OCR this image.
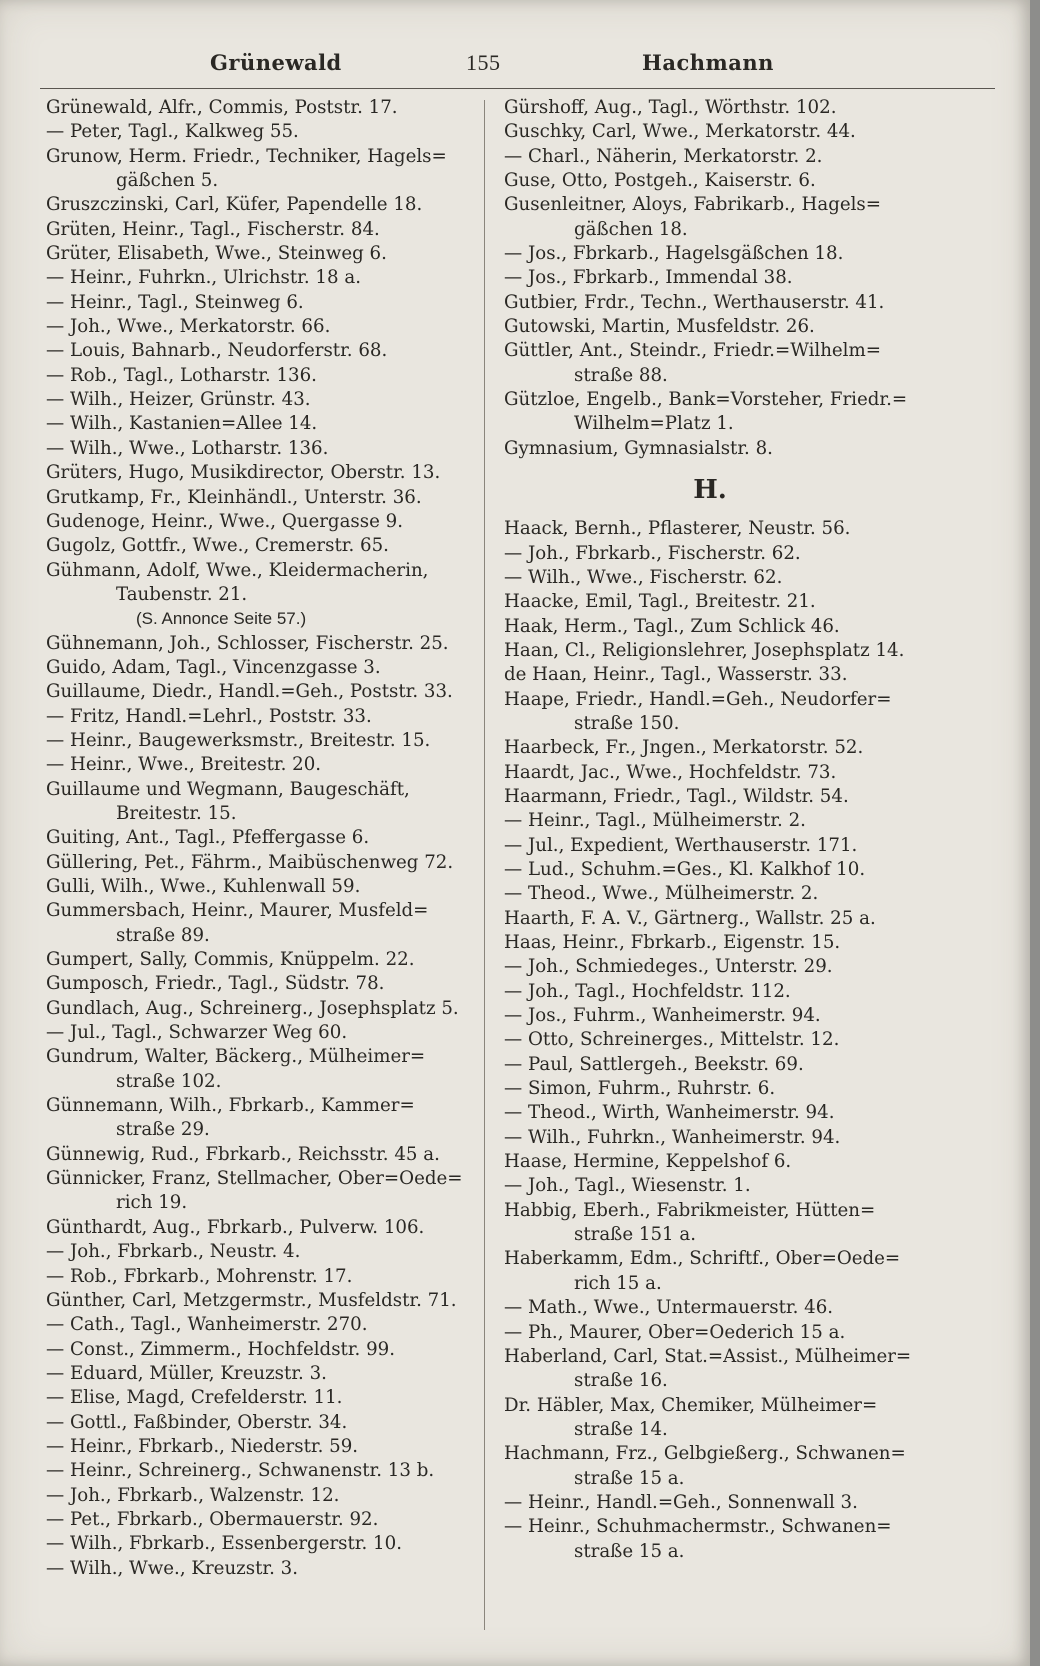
Grünewald	155	Hachmann
Grünewald, Alfr., Commis, Poststr. 17.
— Peter, Tagl., Kalkweg 55.
Grunow, Herm. Friedr., Techniker, Hagels=
gäßchen 5.
Gruszczinski, Carl, Küfer, Papendelle 18.
Grüten, Heinr., Tagl., Fischerstr. 84.
Grüter, Elisabeth, Wwe., Steinweg 6.
— Heinr., Fuhrkn., Ulrichstr. 18 a.
— Heinr., Tagl., Steinweg 6.
— Joh., Wwe., Merkatorstr. 66.
— Louis, Bahnarb., Neudorferstr. 68.
— Rob., Tagl., Lotharstr. 136.
— Wilh., Heizer, Grünstr. 43.
— Wilh., Kastanien=Allee 14.
— Wilh., Wwe., Lotharstr. 136.
Grüters, Hugo, Musikdirector, Oberstr. 13.
Grutkamp, Fr., Kleinhändl., Unterstr. 36.
Gudenoge, Heinr., Wwe., Quergasse 9.
Gugolz, Gottfr., Wwe., Cremerstr. 65.
Gühmann, Adolf, Wwe., Kleidermacherin,
Taubenstr. 21.
(S. Annonce Seite 57.)
Gühnemann, Joh., Schlosser, Fischerstr. 25.
Guido, Adam, Tagl., Vincenzgasse 3.
Guillaume, Diedr., Handl.=Geh., Poststr. 33.
— Fritz, Handl.=Lehrl., Poststr. 33.
— Heinr., Baugewerksmstr., Breitestr. 15.
— Heinr., Wwe., Breitestr. 20.
Guillaume und Wegmann, Baugeschäft,
Breitestr. 15.
Guiting, Ant., Tagl., Pfeffergasse 6.
Güllering, Pet., Fährm., Maibüschenweg 72.
Gulli, Wilh., Wwe., Kuhlenwall 59.
Gummersbach, Heinr., Maurer, Musfeld=
straße 89.
Gumpert, Sally, Commis, Knüppelm. 22.
Gumposch, Friedr., Tagl., Südstr. 78.
Gundlach, Aug., Schreinerg., Josephsplatz 5.
— Jul., Tagl., Schwarzer Weg 60.
Gundrum, Walter, Bäckerg., Mülheimer=
straße 102.
Günnemann, Wilh., Fbrkarb., Kammer=
straße 29.
Günnewig, Rud., Fbrkarb., Reichsstr. 45 a.
Günnicker, Franz, Stellmacher, Ober=Oede=
rich 19.
Günthardt, Aug., Fbrkarb., Pulverw. 106.
— Joh., Fbrkarb., Neustr. 4.
— Rob., Fbrkarb., Mohrenstr. 17.
Günther, Carl, Metzgermstr., Musfeldstr. 71.
— Cath., Tagl., Wanheimerstr. 270.
— Const., Zimmerm., Hochfeldstr. 99.
— Eduard, Müller, Kreuzstr. 3.
— Elise, Magd, Crefelderstr. 11.
— Gottl., Faßbinder, Oberstr. 34.
— Heinr., Fbrkarb., Niederstr. 59.
— Heinr., Schreinerg., Schwanenstr. 13 b.
— Joh., Fbrkarb., Walzenstr. 12.
— Pet., Fbrkarb., Obermauerstr. 92.
— Wilh., Fbrkarb., Essenbergerstr. 10.
— Wilh., Wwe., Kreuzstr. 3.
Gürshoff, Aug., Tagl., Wörthstr. 102.
Guschky, Carl, Wwe., Merkatorstr. 44.
— Charl., Näherin, Merkatorstr. 2.
Guse, Otto, Postgeh., Kaiserstr. 6.
Gusenleitner, Aloys, Fabrikarb., Hagels=
gäßchen 18.
— Jos., Fbrkarb., Hagelsgäßchen 18.
— Jos., Fbrkarb., Immendal 38.
Gutbier, Frdr., Techn., Werthauserstr. 41.
Gutowski, Martin, Musfeldstr. 26.
Güttler, Ant., Steindr., Friedr.=Wilhelm=
straße 88.
Gützloe, Engelb., Bank=Vorsteher, Friedr.=
Wilhelm=Platz 1.
Gymnasium, Gymnasialstr. 8.
H.
Haack, Bernh., Pflasterer, Neustr. 56.
— Joh., Fbrkarb., Fischerstr. 62.
— Wilh., Wwe., Fischerstr. 62.
Haacke, Emil, Tagl., Breitestr. 21.
Haak, Herm., Tagl., Zum Schlick 46.
Haan, Cl., Religionslehrer, Josephsplatz 14.
de Haan, Heinr., Tagl., Wasserstr. 33.
Haape, Friedr., Handl.=Geh., Neudorfer=
straße 150.
Haarbeck, Fr., Jngen., Merkatorstr. 52.
Haardt, Jac., Wwe., Hochfeldstr. 73.
Haarmann, Friedr., Tagl., Wildstr. 54.
— Heinr., Tagl., Mülheimerstr. 2.
— Jul., Expedient, Werthauserstr. 171.
— Lud., Schuhm.=Ges., Kl. Kalkhof 10.
— Theod., Wwe., Mülheimerstr. 2.
Haarth, F. A. V., Gärtnerg., Wallstr. 25 a.
Haas, Heinr., Fbrkarb., Eigenstr. 15.
— Joh., Schmiedeges., Unterstr. 29.
— Joh., Tagl., Hochfeldstr. 112.
— Jos., Fuhrm., Wanheimerstr. 94.
— Otto, Schreinerges., Mittelstr. 12.
— Paul, Sattlergeh., Beekstr. 69.
— Simon, Fuhrm., Ruhrstr. 6.
— Theod., Wirth, Wanheimerstr. 94.
— Wilh., Fuhrkn., Wanheimerstr. 94.
Haase, Hermine, Keppelshof 6.
— Joh., Tagl., Wiesenstr. 1.
Habbig, Eberh., Fabrikmeister, Hütten=
straße 151 a.
Haberkamm, Edm., Schriftf., Ober=Oede=
rich 15 a.
— Math., Wwe., Untermauerstr. 46.
— Ph., Maurer, Ober=Oederich 15 a.
Haberland, Carl, Stat.=Assist., Mülheimer=
straße 16.
Dr. Häbler, Max, Chemiker, Mülheimer=
straße 14.
Hachmann, Frz., Gelbgießerg., Schwanen=
straße 15 a.
— Heinr., Handl.=Geh., Sonnenwall 3.
— Heinr., Schuhmachermstr., Schwanen=
straße 15 a.
